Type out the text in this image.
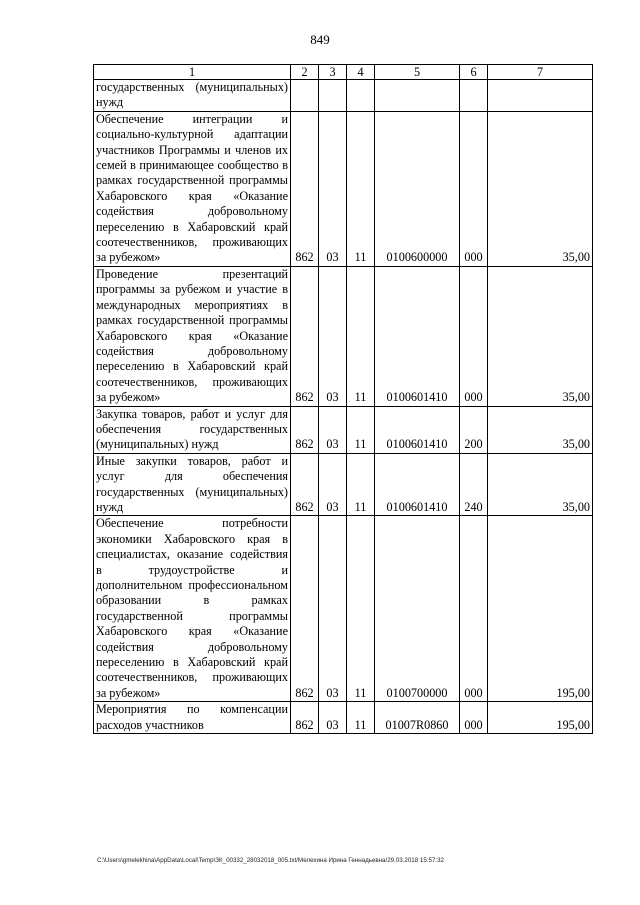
849
1	2	3	4	5	6	7
государственных (муниципальных) нужд						
Обеспечение интеграции и социально-культурной адаптации участников Программы и членов их семей в принимающее сообщество в рамках государственной программы Хабаровского края «Оказание содействия добровольному переселению в Хабаровский край соотечественников, проживающих за рубежом»	862	03	11	0100600000	000	35,00
Проведение презентаций программы за рубежом и участие в международных мероприятиях в рамках государственной программы Хабаровского края «Оказание содействия добровольному переселению в Хабаровский край соотечественников, проживающих за рубежом»	862	03	11	0100601410	000	35,00
Закупка товаров, работ и услуг для обеспечения государственных (муниципальных) нужд	862	03	11	0100601410	200	35,00
Иные закупки товаров, работ и услуг для обеспечения государственных (муниципальных) нужд	862	03	11	0100601410	240	35,00
Обеспечение потребности экономики Хабаровского края в специалистах, оказание содействия в трудоустройстве и дополнительном профессиональном образовании в рамках государственной программы Хабаровского края «Оказание содействия добровольному переселению в Хабаровский край соотечественников, проживающих за рубежом»	862	03	11	0100700000	000	195,00
Мероприятия по компенсации расходов участников	862	03	11	01007R0860	000	195,00
C:\Users\gmelekhina\AppData\Local\Temp\ЗК_00332_28032018_005.txt/Мелехина Ирина Геннадьевна/29.03.2018 15:57:32
